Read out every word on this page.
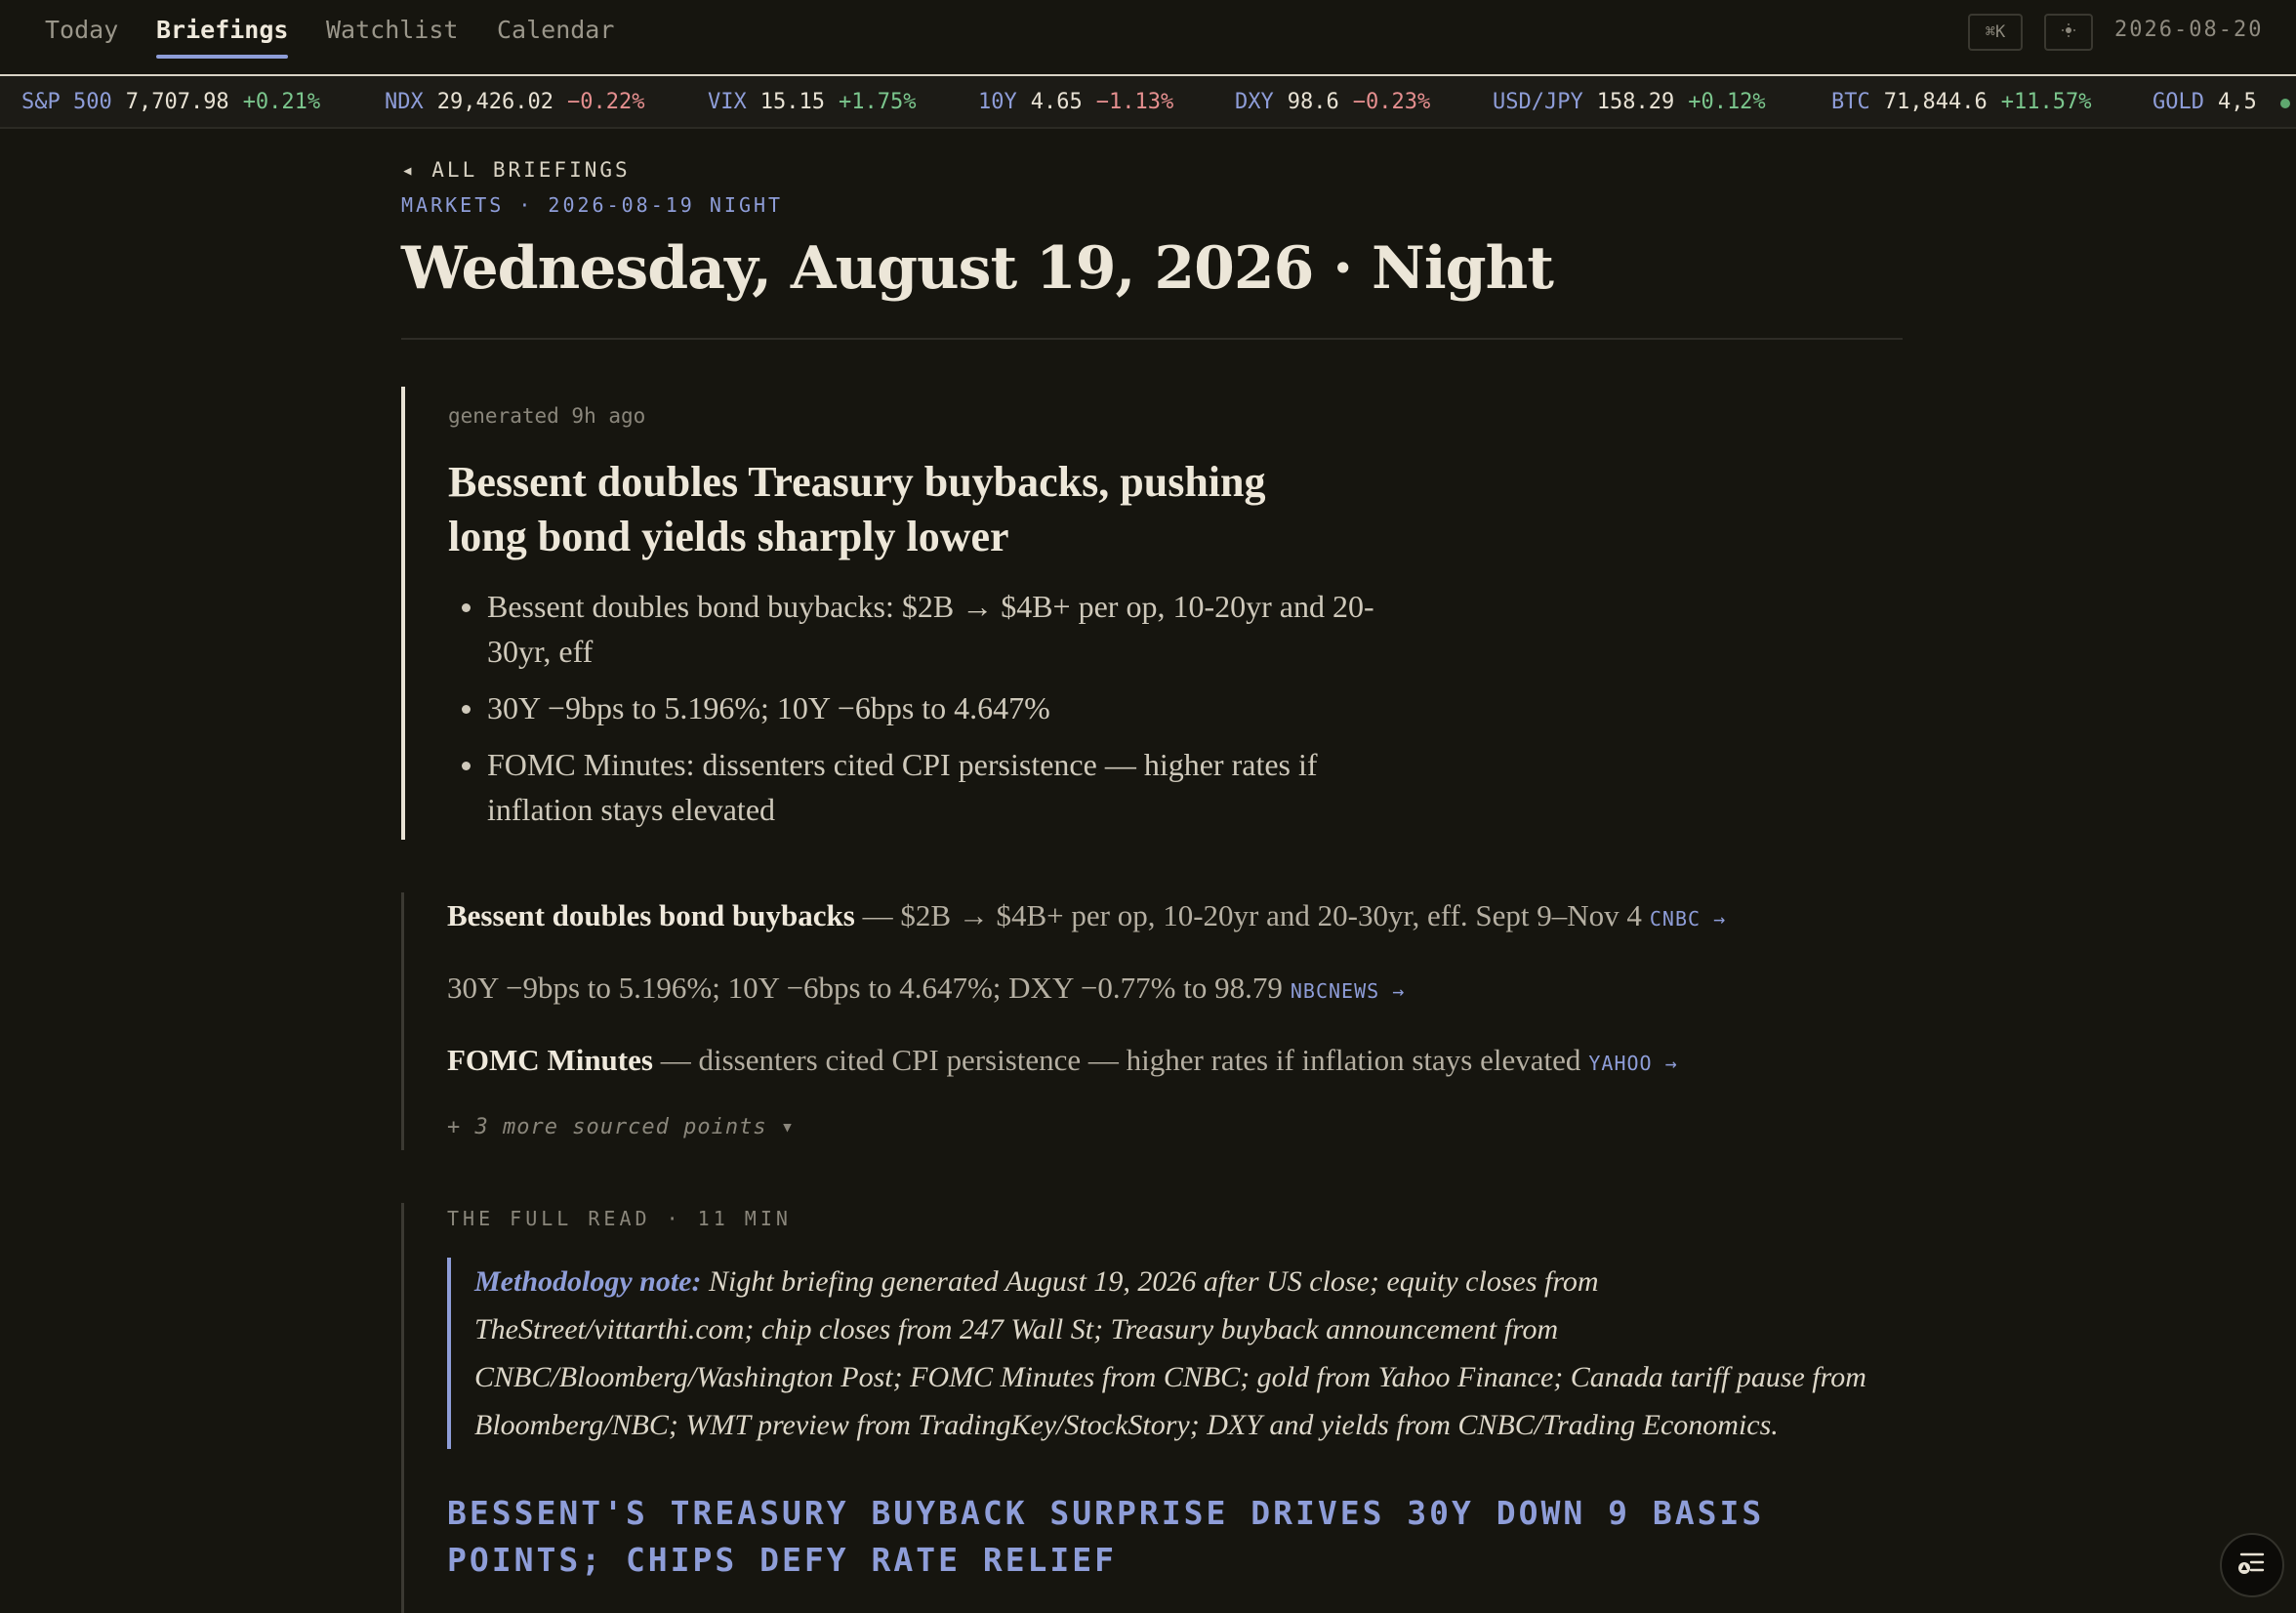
Today Briefings Watchlist Calendar	⌘K	2026-08-20
S&P 500 7,707.98 +0.21%	NDX 29,426.02 −0.22%	VIX 15.15 +1.75%	10Y 4.65 −1.13%	DXY 98.6 −0.23%	USD/JPY 158.29 +0.12%	BTC 71,844.6 +11.57%	GOLD 4,5
◂ ALL BRIEFINGS
MARKETS · 2026-08-19 NIGHT
Wednesday, August 19, 2026 · Night
generated 9h ago
Bessent doubles Treasury buybacks, pushing long bond yields sharply lower
Bessent doubles bond buybacks: $2B → $4B+ per op, 10-20yr and 20-30yr, eff
30Y −9bps to 5.196%; 10Y −6bps to 4.647%
FOMC Minutes: dissenters cited CPI persistence — higher rates if inflation stays elevated
Bessent doubles bond buybacks — $2B → $4B+ per op, 10-20yr and 20-30yr, eff. Sept 9–Nov 4 CNBC →
30Y −9bps to 5.196%; 10Y −6bps to 4.647%; DXY −0.77% to 98.79 NBCNEWS →
FOMC Minutes — dissenters cited CPI persistence — higher rates if inflation stays elevated YAHOO →
+ 3 more sourced points ▾
THE FULL READ · 11 MIN
Methodology note: Night briefing generated August 19, 2026 after US close; equity closes from TheStreet/vittarthi.com; chip closes from 247 Wall St; Treasury buyback announcement from CNBC/Bloomberg/Washington Post; FOMC Minutes from CNBC; gold from Yahoo Finance; Canada tariff pause from Bloomberg/NBC; WMT preview from TradingKey/StockStory; DXY and yields from CNBC/Trading Economics.
BESSENT'S TREASURY BUYBACK SURPRISE DRIVES 30Y DOWN 9 BASIS POINTS; CHIPS DEFY RATE RELIEF
